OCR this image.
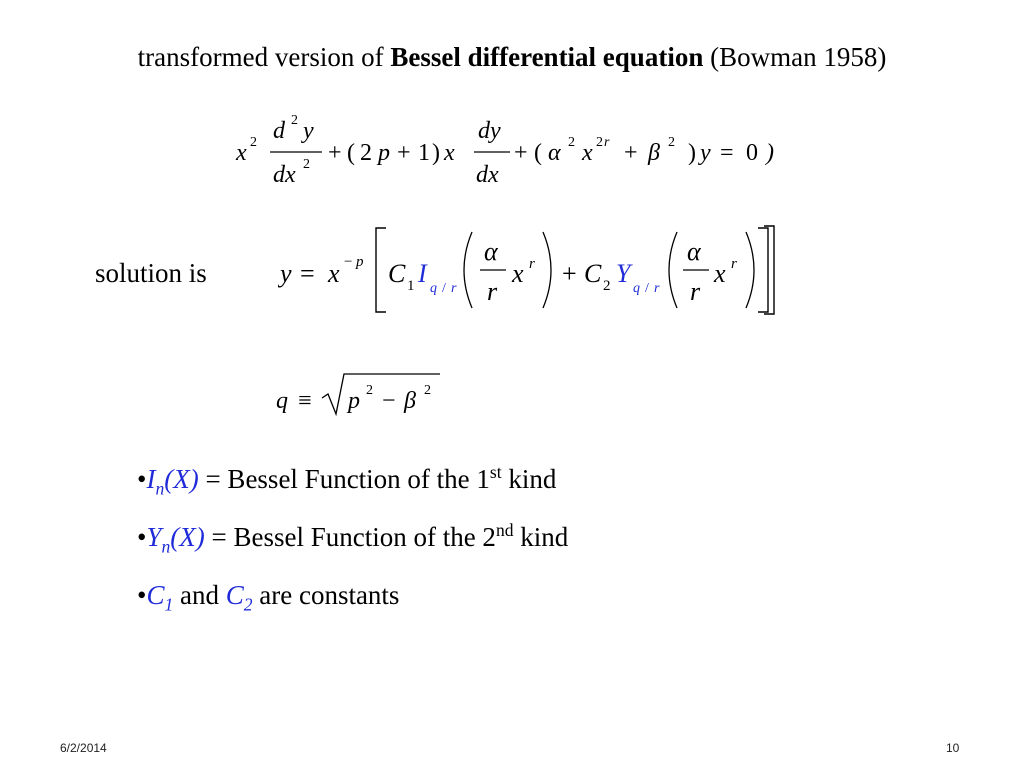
transformed version of Bessel differential equation (Bowman 1958)
x 2 d 2 y
dx 2 + ( 2 p + 1 ) x
dy
dx
+ ( α 2 x 2 r + β 2 ) y = 0 )
y = x − p C 1 I
q / r
α
r
x r + C 2 Y
q / r
α
r
x r
q ≡ p 2 − β 2
solution is
$•I_n(X)$ = Bessel Function of the 1st kind
$•Y_n(X)$ = Bessel Function of the 2nd kind
$•C_1$ and $C_2$ are constants
6/2/2014	10
